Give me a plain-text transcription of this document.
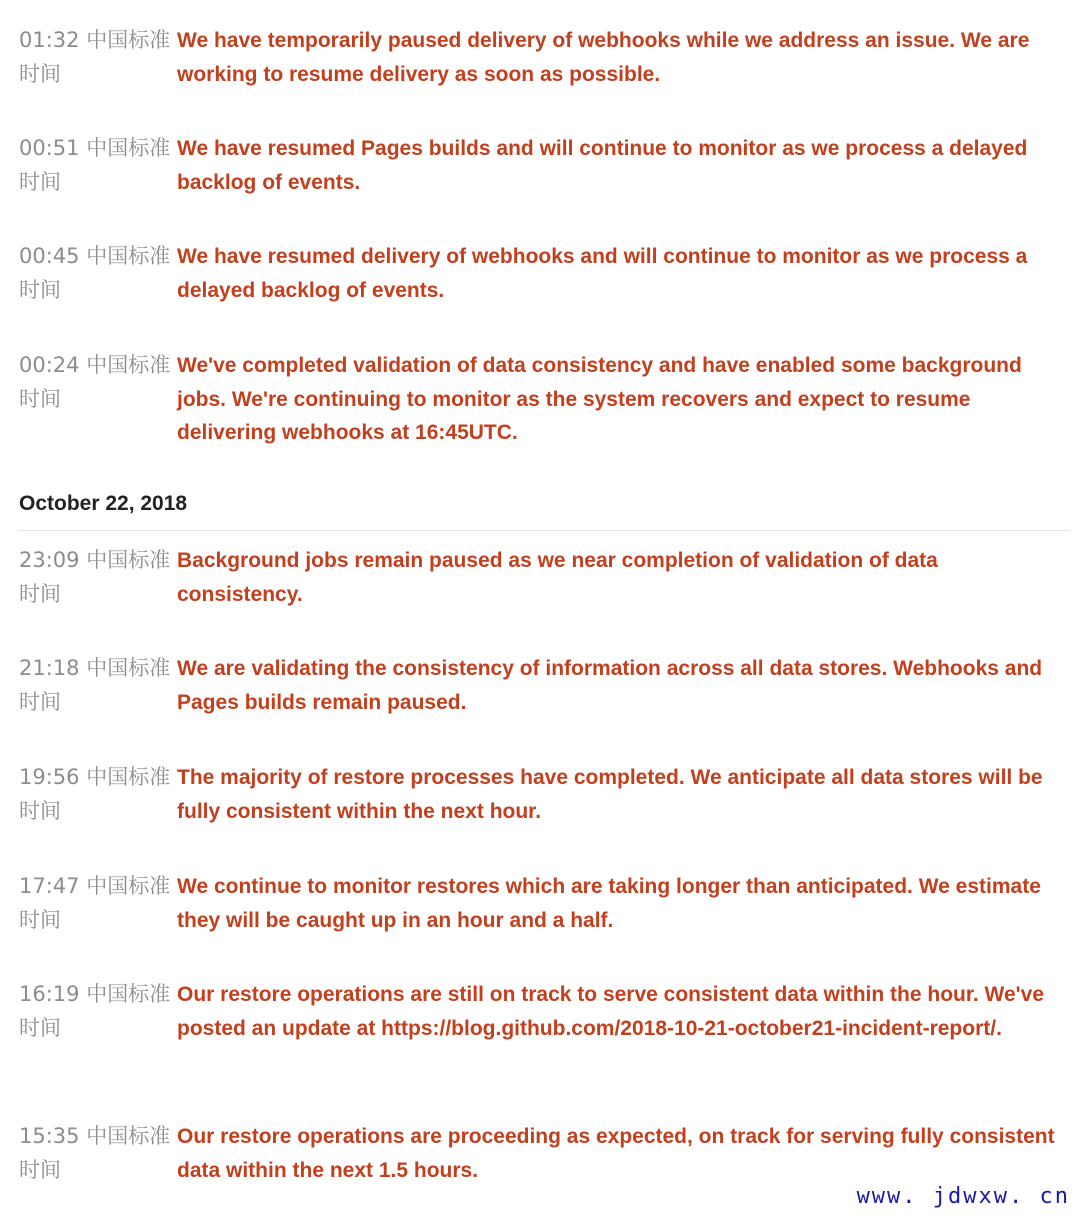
01:32 中国标准时间
We have temporarily paused delivery of webhooks while we address an issue. We are working to resume delivery as soon as possible.
00:51 中国标准时间
We have resumed Pages builds and will continue to monitor as we process a delayed backlog of events.
00:45 中国标准时间
We have resumed delivery of webhooks and will continue to monitor as we process a delayed backlog of events.
00:24 中国标准时间
We've completed validation of data consistency and have enabled some background jobs. We're continuing to monitor as the system recovers and expect to resume delivering webhooks at 16:45UTC.
October 22, 2018
23:09 中国标准时间
Background jobs remain paused as we near completion of validation of data consistency.
21:18 中国标准时间
We are validating the consistency of information across all data stores. Webhooks and Pages builds remain paused.
19:56 中国标准时间
The majority of restore processes have completed. We anticipate all data stores will be fully consistent within the next hour.
17:47 中国标准时间
We continue to monitor restores which are taking longer than anticipated. We estimate they will be caught up in an hour and a half.
16:19 中国标准时间
Our restore operations are still on track to serve consistent data within the hour. We've posted an update at https://blog.github.com/2018-10-21-october21-incident-report/.
15:35 中国标准时间
Our restore operations are proceeding as expected, on track for serving fully consistent data within the next 1.5 hours.
www. jdwxw. cn
